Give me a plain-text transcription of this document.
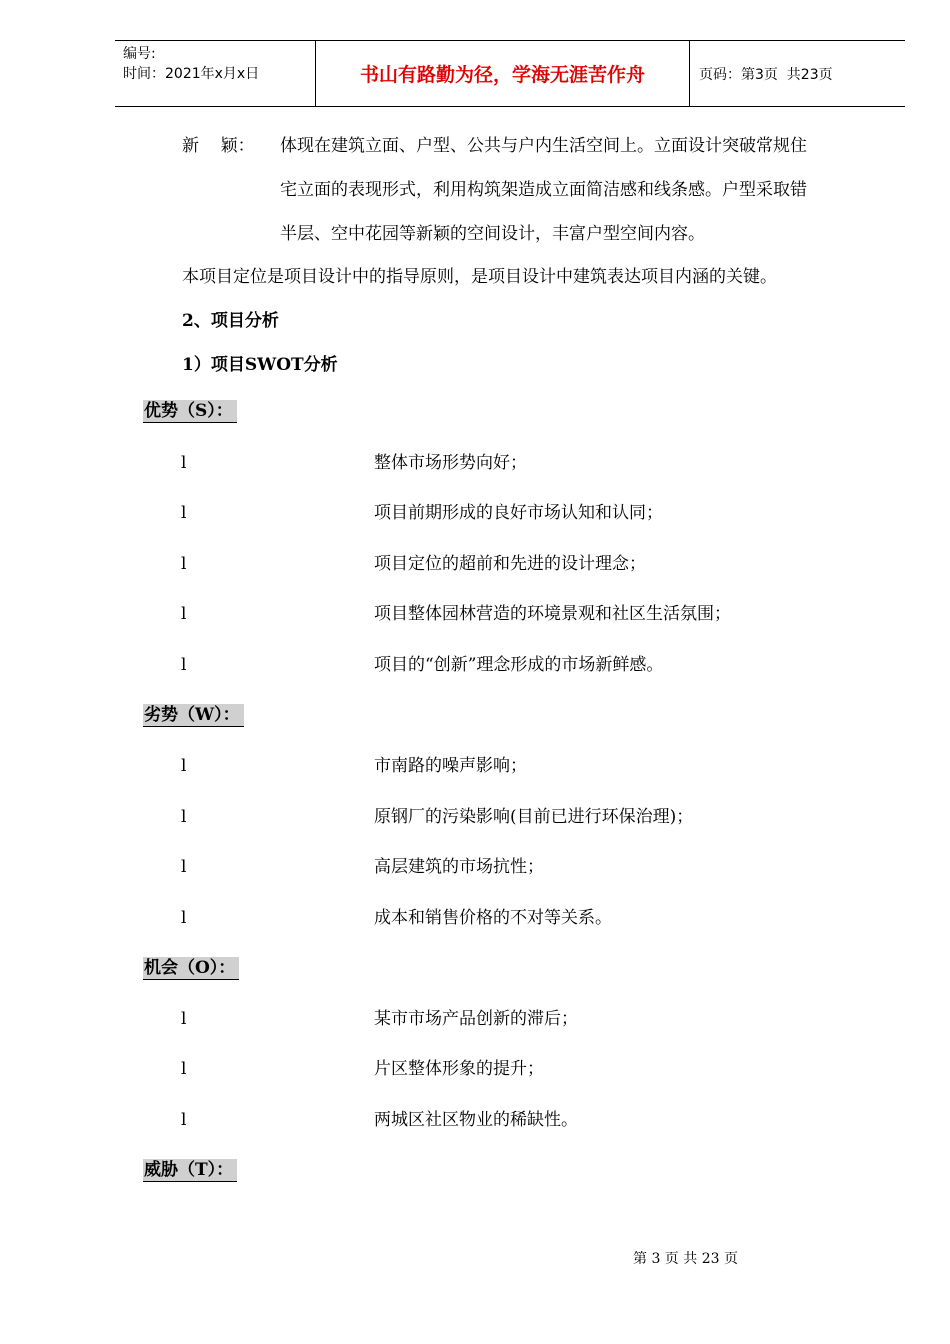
编号:
时间：2021年x月x日	书山有路勤为径，学海无涯苦作舟	页码：第3页  共23页
新    颖： 体现在建筑立面、户型、公共与户内生活空间上。立面设计突破常规住
宅立面的表现形式，利用构筑架造成立面简洁感和线条感。户型采取错
半层、空中花园等新颖的空间设计，丰富户型空间内容。
本项目定位是项目设计中的指导原则，是项目设计中建筑表达项目内涵的关键。
2、项目分析
1）项目SWOT分析
优势（S）：
l	整体市场形势向好；
l	项目前期形成的良好市场认知和认同；
l	项目定位的超前和先进的设计理念；
l	项目整体园林营造的环境景观和社区生活氛围；
l	项目的“创新”理念形成的市场新鲜感。
劣势（W）：
l	市南路的噪声影响；
l	原钢厂的污染影响(目前已进行环保治理)；
l	高层建筑的市场抗性；
l	成本和销售价格的不对等关系。
机会（O）：
l	某市市场产品创新的滞后；
l	片区整体形象的提升；
l	两城区社区物业的稀缺性。
威胁（T）：
第 3 页 共 23 页
